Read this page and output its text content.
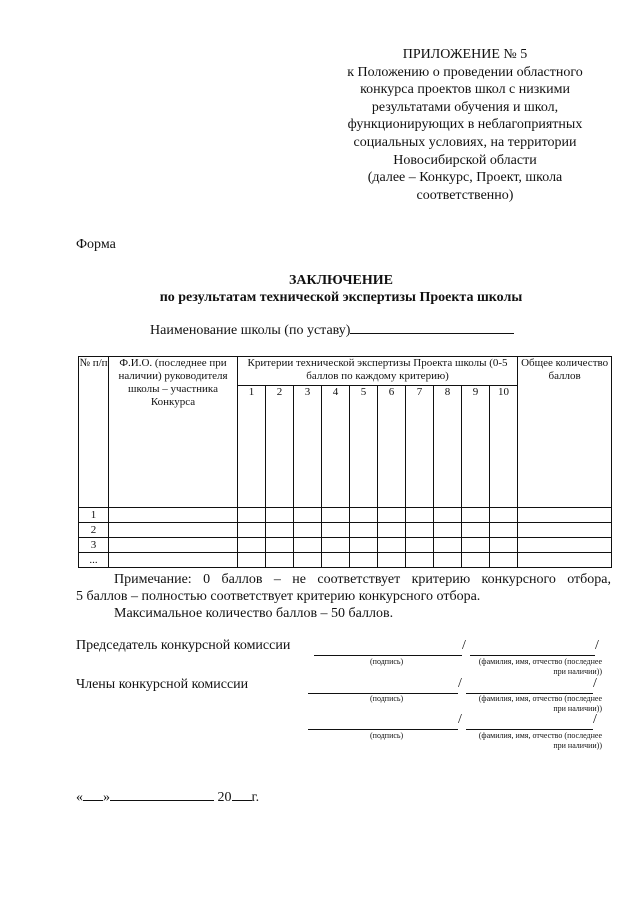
ПРИЛОЖЕНИЕ № 5
к Положению о проведении областного
конкурса проектов школ с низкими
результатами обучения и школ,
функционирующих в неблагоприятных
социальных условиях, на территории
Новосибирской области
(далее – Конкурс, Проект, школа
соответственно)
Форма
ЗАКЛЮЧЕНИЕ
по результатам технической экспертизы Проекта школы
Наименование школы (по уставу)
№ п/п	Ф.И.О. (последнее при наличии) руководителя школы – участника Конкурса	Критерии технической экспертизы Проекта школы (0-5 баллов по каждому критерию)										Общее количество баллов
		1	2	3	4	5	6	7	8	9	10	
1												
2												
3												
...												
Примечание: 0 баллов – не соответствует критерию конкурсного отбора,
5 баллов – полностью соответствует критерию конкурсного отбора.
Максимальное количество баллов – 50 баллов.
Председатель конкурсной комиссии	/	/
(подпись)	(фамилия, имя, отчество (последнее
при наличии))
Члены конкурсной комиссии	/	/
(подпись)	(фамилия, имя, отчество (последнее
при наличии))
/	/
(подпись)	(фамилия, имя, отчество (последнее
при наличии))
« »	20 г.
